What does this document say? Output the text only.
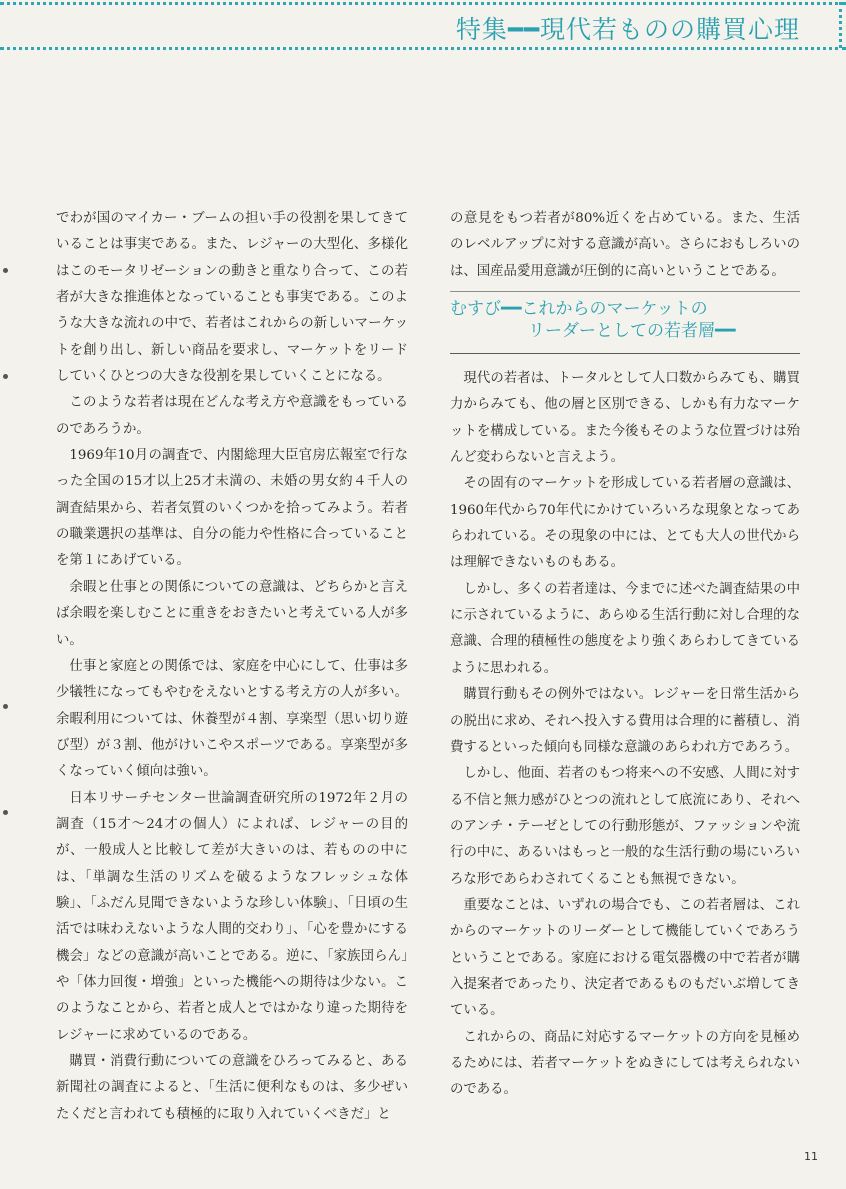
特集━━現代若ものの購買心理

でわが国のマイカー・ブームの担い手の役割を果してきていることは事実である。また、レジャーの大型化、多様化はこのモータリゼーションの動きと重なり合って、この若者が大きな推進体となっていることも事実である。このような大きな流れの中で、若者はこれからの新しいマーケットを創り出し、新しい商品を要求し、マーケットをリードしていくひとつの大きな役割を果していくことになる。

このような若者は現在どんな考え方や意識をもっているのであろうか。

1969年10月の調査で、内閣総理大臣官房広報室で行なった全国の15才以上25才未満の、未婚の男女約４千人の調査結果から、若者気質のいくつかを拾ってみよう。若者の職業選択の基準は、自分の能力や性格に合っていることを第１にあげている。

余暇と仕事との関係についての意識は、どちらかと言えば余暇を楽しむことに重きをおきたいと考えている人が多い。

仕事と家庭との関係では、家庭を中心にして、仕事は多少犠牲になってもやむをえないとする考え方の人が多い。余暇利用については、休養型が４割、享楽型（思い切り遊び型）が３割、他がけいこやスポーツである。享楽型が多くなっていく傾向は強い。

日本リサーチセンター世論調査研究所の1972年２月の調査（15才～24才の個人）によれば、レジャーの目的が、一般成人と比較して差が大きいのは、若ものの中には、「単調な生活のリズムを破るようなフレッシュな体験」、「ふだん見聞できないような珍しい体験」、「日頃の生活では味わえないような人間的交わり」、「心を豊かにする機会」などの意識が高いことである。逆に、「家族団らん」や「体力回復・増強」といった機能への期待は少ない。このようなことから、若者と成人とではかなり違った期待をレジャーに求めているのである。

購買・消費行動についての意識をひろってみると、ある新聞社の調査によると、「生活に便利なものは、多少ぜいたくだと言われても積極的に取り入れていくべきだ」と

の意見をもつ若者が80%近くを占めている。また、生活のレベルアップに対する意識が高い。さらにおもしろいのは、国産品愛用意識が圧倒的に高いということである。

むすび━━これからのマーケットの
リーダーとしての若者層━━

現代の若者は、トータルとして人口数からみても、購買力からみても、他の層と区別できる、しかも有力なマーケットを構成している。また今後もそのような位置づけは殆んど変わらないと言えよう。

その固有のマーケットを形成している若者層の意識は、1960年代から70年代にかけていろいろな現象となってあらわれている。その現象の中には、とても大人の世代からは理解できないものもある。

しかし、多くの若者達は、今までに述べた調査結果の中に示されているように、あらゆる生活行動に対し合理的な意識、合理的積極性の態度をより強くあらわしてきているように思われる。

購買行動もその例外ではない。レジャーを日常生活からの脱出に求め、それへ投入する費用は合理的に蓄積し、消費するといった傾向も同様な意識のあらわれ方であろう。

しかし、他面、若者のもつ将来への不安感、人間に対する不信と無力感がひとつの流れとして底流にあり、それへのアンチ・テーゼとしての行動形態が、ファッションや流行の中に、あるいはもっと一般的な生活行動の場にいろいろな形であらわされてくることも無視できない。

重要なことは、いずれの場合でも、この若者層は、これからのマーケットのリーダーとして機能していくであろうということである。家庭における電気器機の中で若者が購入提案者であったり、決定者であるものもだいぶ増してきている。

これからの、商品に対応するマーケットの方向を見極めるためには、若者マーケットをぬきにしては考えられないのである。

11
